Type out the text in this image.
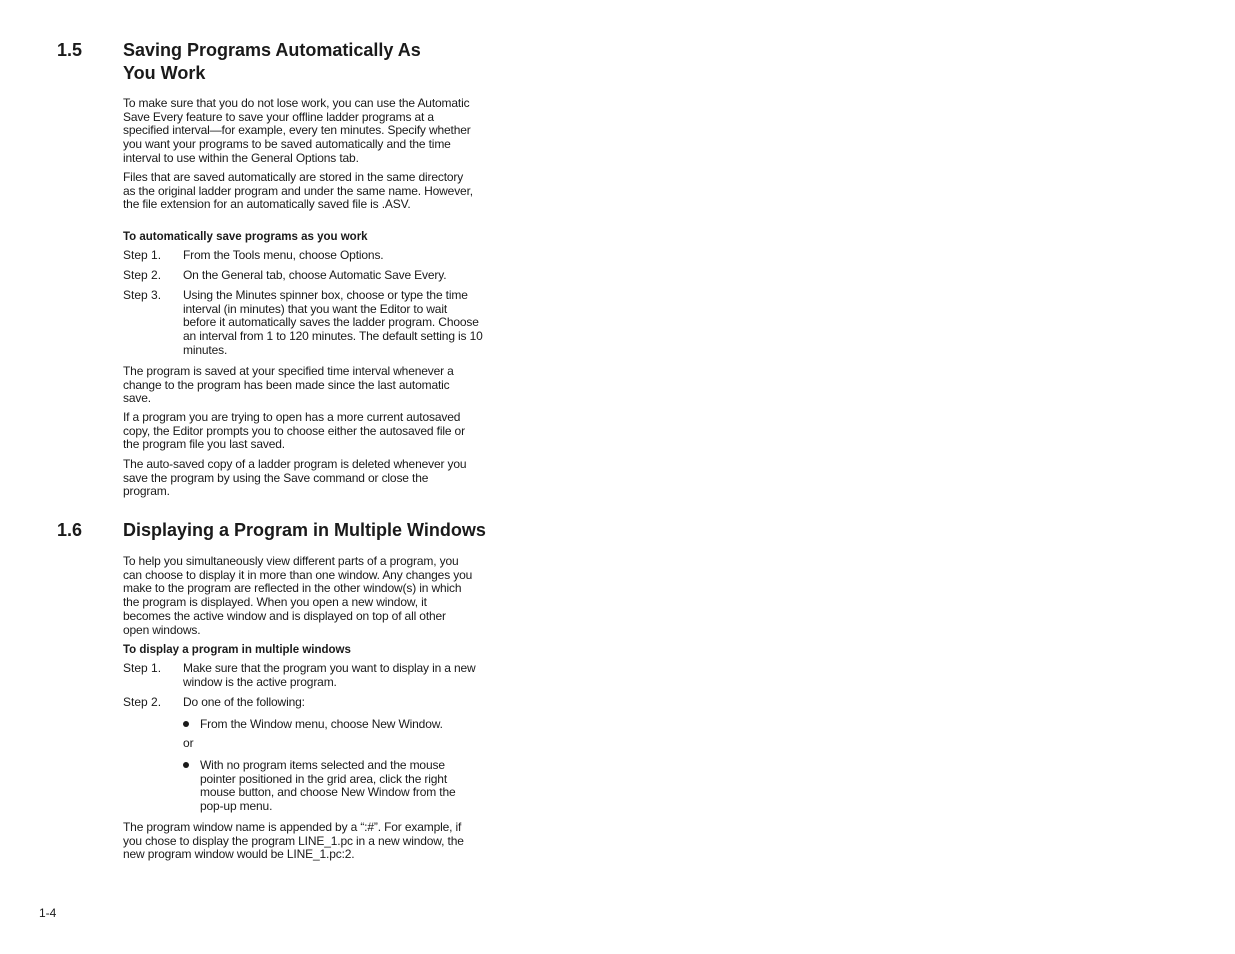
1.5 Saving Programs Automatically As
You Work

To make sure that you do not lose work, you can use the Automatic
Save Every feature to save your offline ladder programs at a
specified interval—for example, every ten minutes. Specify whether
you want your programs to be saved automatically and the time
interval to use within the General Options tab.

Files that are saved automatically are stored in the same directory
as the original ladder program and under the same name. However,
the file extension for an automatically saved file is .ASV.

To automatically save programs as you work
Step 1. From the Tools menu, choose Options.
Step 2. On the General tab, choose Automatic Save Every.
Step 3. Using the Minutes spinner box, choose or type the time
interval (in minutes) that you want the Editor to wait
before it automatically saves the ladder program. Choose
an interval from 1 to 120 minutes. The default setting is 10
minutes.

The program is saved at your specified time interval whenever a
change to the program has been made since the last automatic
save.

If a program you are trying to open has a more current autosaved
copy, the Editor prompts you to choose either the autosaved file or
the program file you last saved.

The auto-saved copy of a ladder program is deleted whenever you
save the program by using the Save command or close the
program.

1.6 Displaying a Program in Multiple Windows

To help you simultaneously view different parts of a program, you
can choose to display it in more than one window. Any changes you
make to the program are reflected in the other window(s) in which
the program is displayed. When you open a new window, it
becomes the active window and is displayed on top of all other
open windows.

To display a program in multiple windows
Step 1. Make sure that the program you want to display in a new
window is the active program.
Step 2. Do one of the following:
From the Window menu, choose New Window.
or
With no program items selected and the mouse
pointer positioned in the grid area, click the right
mouse button, and choose New Window from the
pop-up menu.

The program window name is appended by a “:#”. For example, if
you chose to display the program LINE_1.pc in a new window, the
new program window would be LINE_1.pc:2.

1-4
